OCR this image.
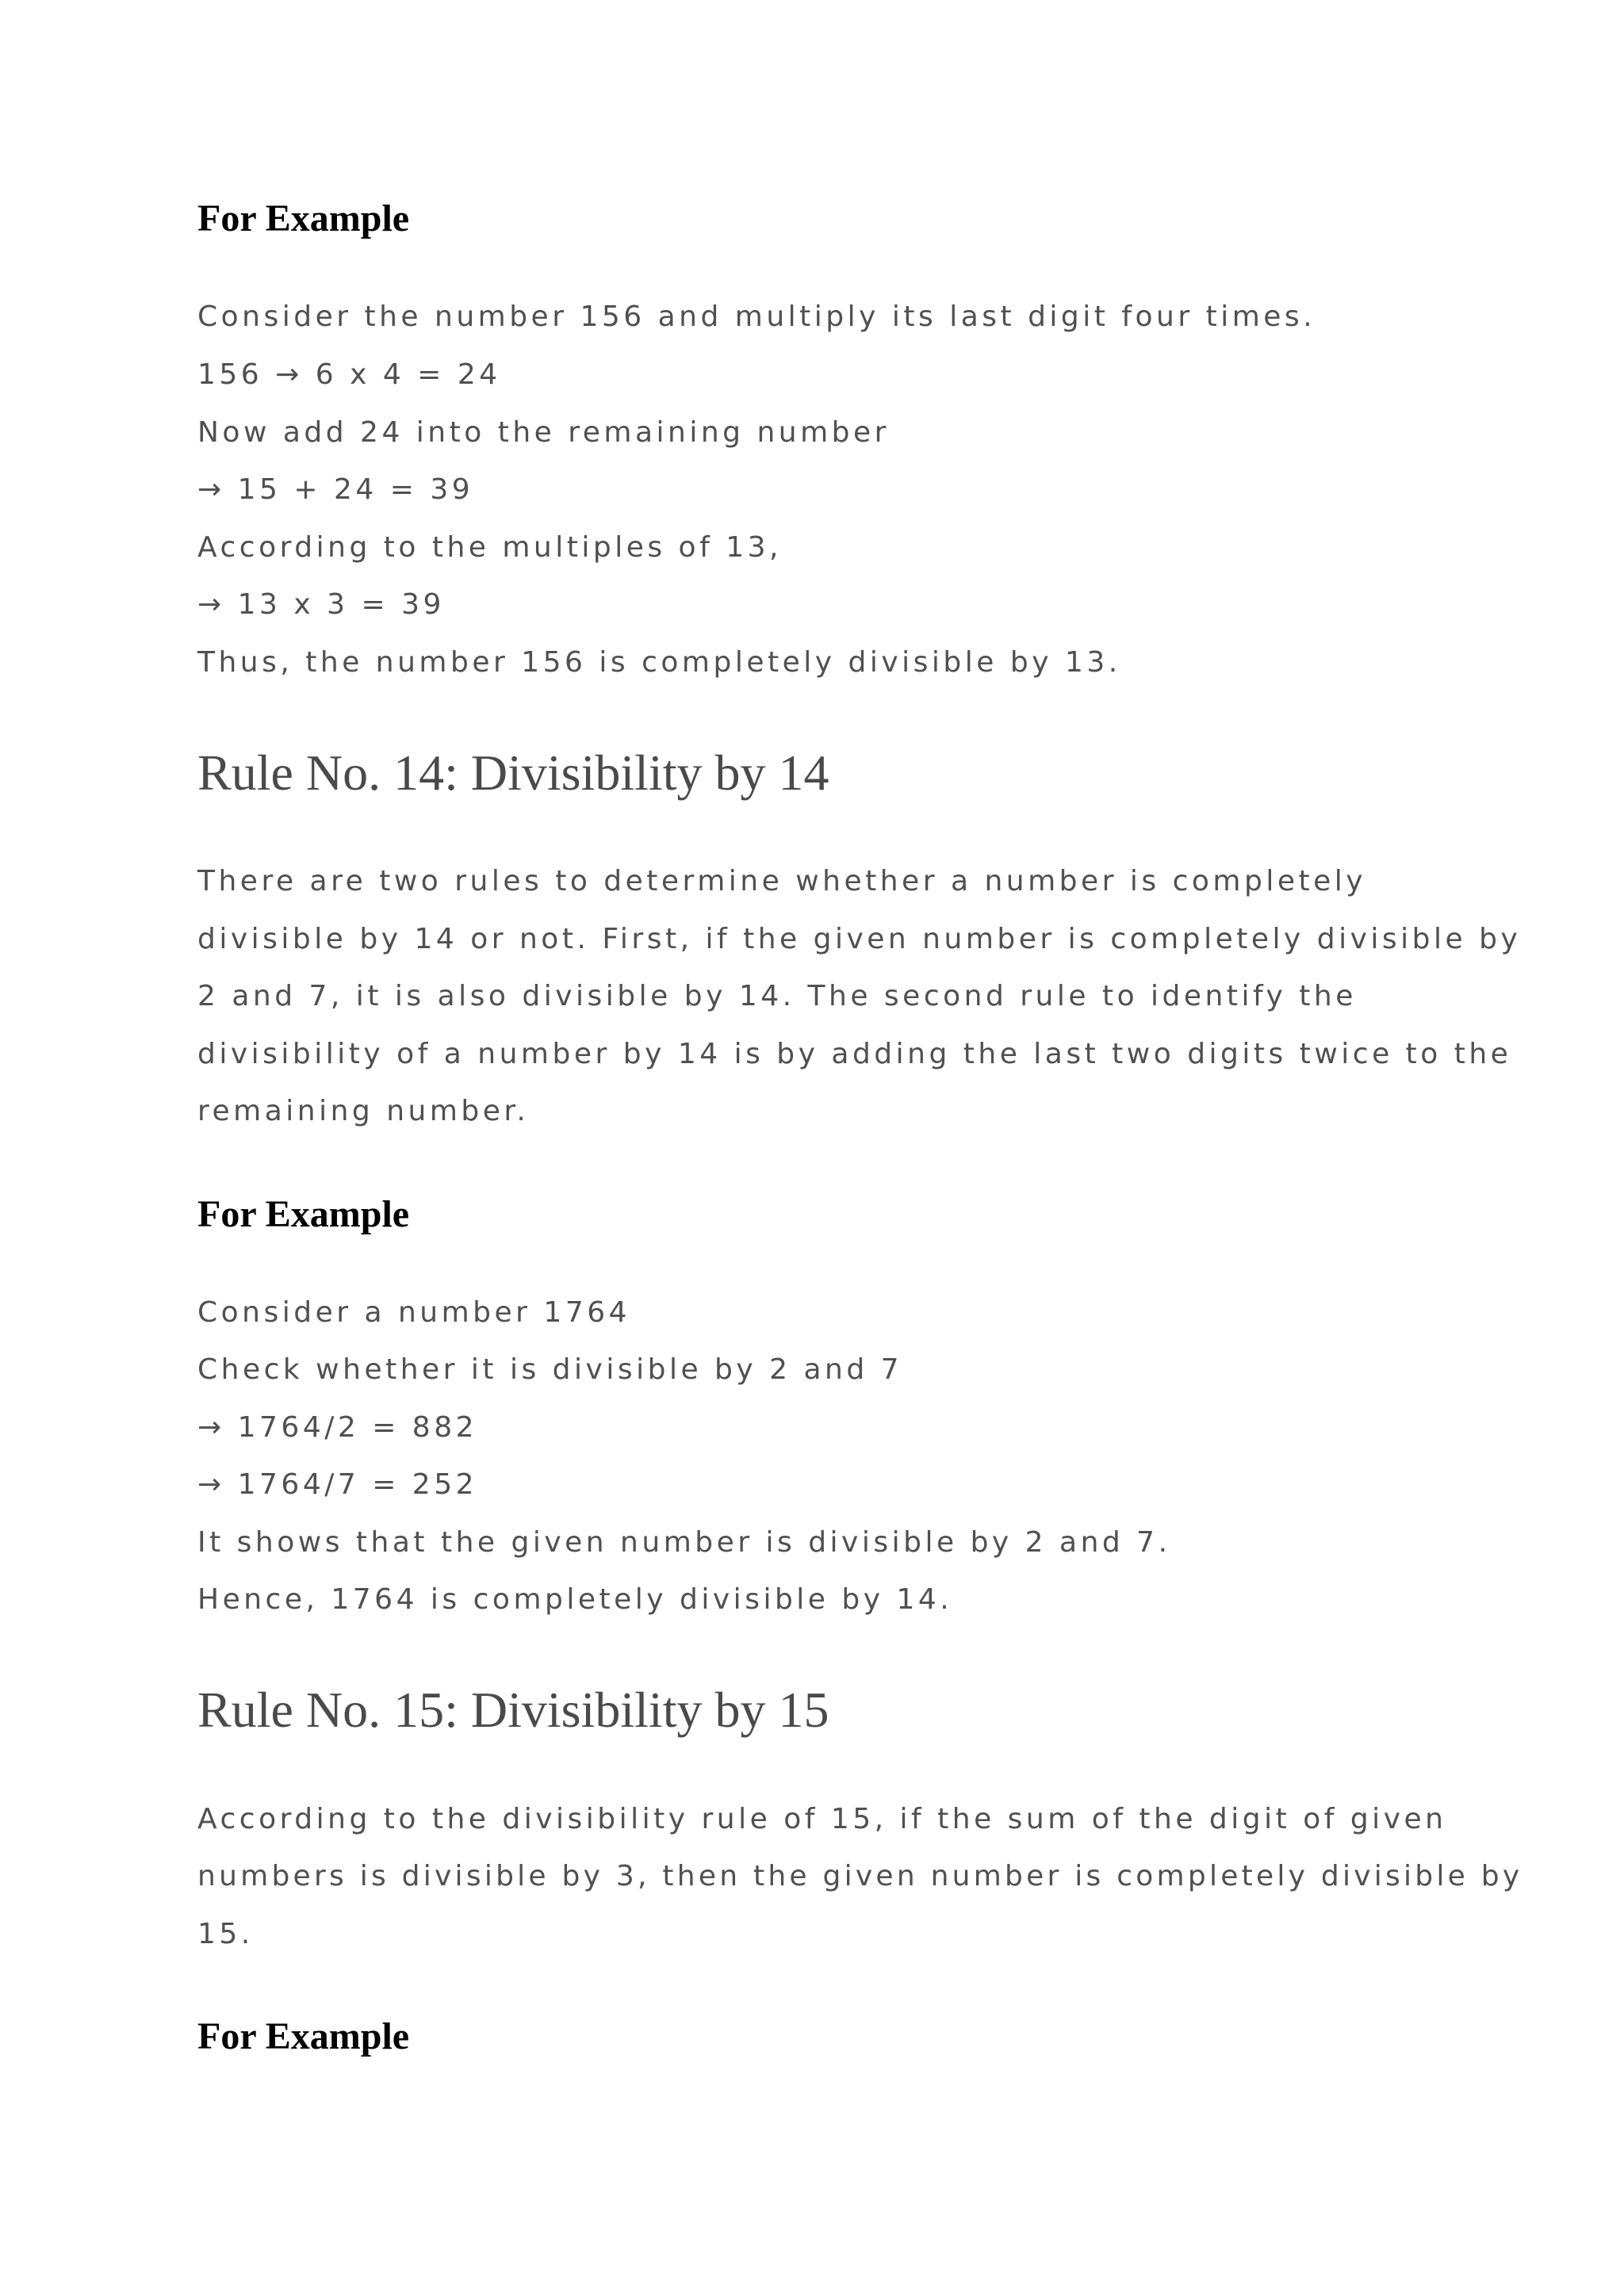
For Example

Consider the number 156 and multiply its last digit four times.

156 → 6 x 4 = 24

Now add 24 into the remaining number

→ 15 + 24 = 39

According to the multiples of 13,

→ 13 x 3 = 39

Thus, the number 156 is completely divisible by 13.

Rule No. 14: Divisibility by 14

There are two rules to determine whether a number is completely

divisible by 14 or not. First, if the given number is completely divisible by

2 and 7, it is also divisible by 14. The second rule to identify the

divisibility of a number by 14 is by adding the last two digits twice to the

remaining number.

For Example

Consider a number 1764

Check whether it is divisible by 2 and 7

→ 1764/2 = 882

→ 1764/7 = 252

It shows that the given number is divisible by 2 and 7.

Hence, 1764 is completely divisible by 14.

Rule No. 15: Divisibility by 15

According to the divisibility rule of 15, if the sum of the digit of given

numbers is divisible by 3, then the given number is completely divisible by

15.

For Example
